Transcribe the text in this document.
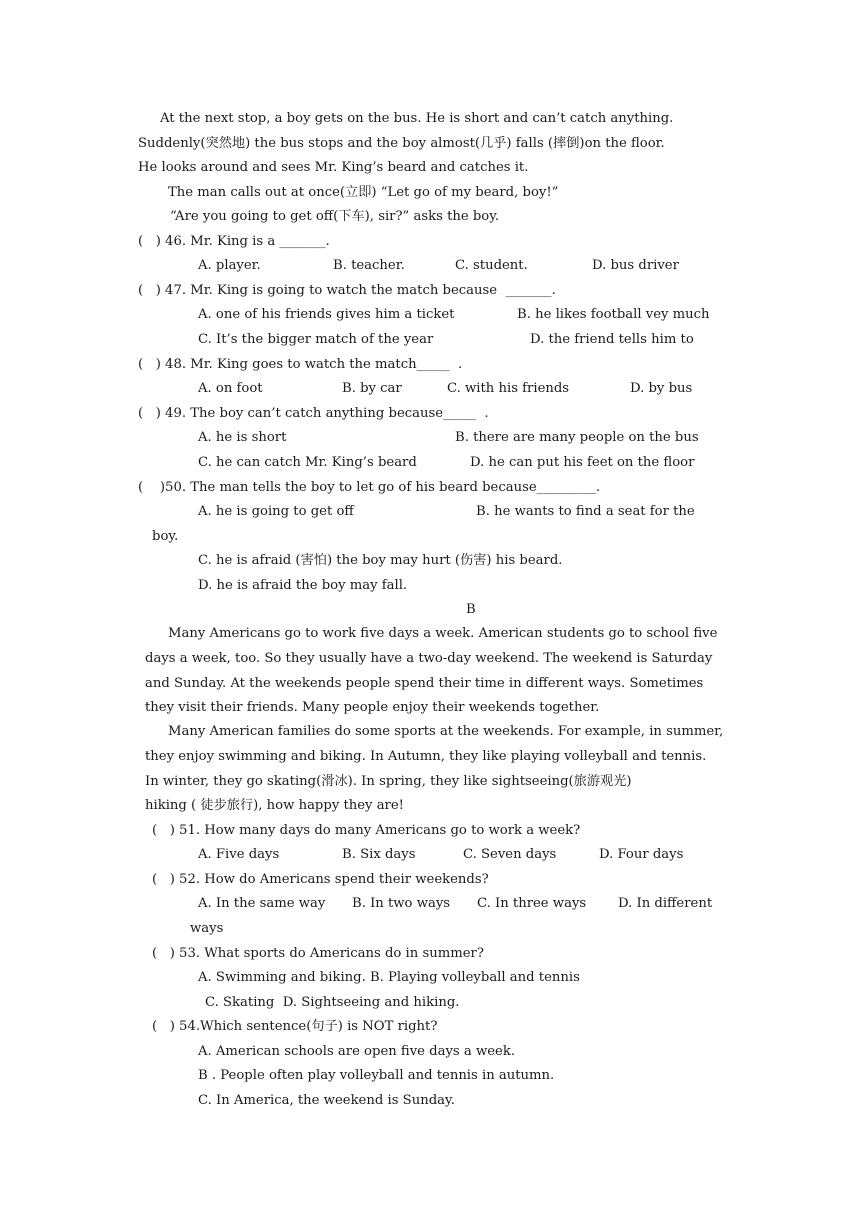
At the next stop, a boy gets on the bus. He is short and can’t catch anything.
Suddenly(突然地) the bus stops and the boy almost(几乎) falls (摔倒)on the floor.
He looks around and sees Mr. King’s beard and catches it.
The man calls out at once(立即) “Let go of my beard, boy!”
“Are you going to get off(下车), sir?” asks the boy.
(   ) 46. Mr. King is a _______.
A. player.	B. teacher.	C. student.	D. bus driver
(   ) 47. Mr. King is going to watch the match because  _______.
A. one of his friends gives him a ticket	B. he likes football vey much
C. It’s the bigger match of the year	D. the friend tells him to
(   ) 48. Mr. King goes to watch the match_____  .
A. on foot	B. by car	C. with his friends	D. by bus
(   ) 49. The boy can’t catch anything because_____  .
A. he is short	B. there are many people on the bus
C. he can catch Mr. King’s beard	D. he can put his feet on the floor
(    )50. The man tells the boy to let go of his beard because_________.
A. he is going to get off	B. he wants to find a seat for the
boy.
C. he is afraid (害怕) the boy may hurt (伤害) his beard.
D. he is afraid the boy may fall.
B
Many Americans go to work five days a week. American students go to school five
days a week, too. So they usually have a two-day weekend. The weekend is Saturday
and Sunday. At the weekends people spend their time in different ways. Sometimes
they visit their friends. Many people enjoy their weekends together.
Many American families do some sports at the weekends. For example, in summer,
they enjoy swimming and biking. In Autumn, they like playing volleyball and tennis.
In winter, they go skating(滑冰). In spring, they like sightseeing(旅游观光)
hiking ( 徒步旅行), how happy they are!
(   ) 51. How many days do many Americans go to work a week?
A. Five days	B. Six days	C. Seven days	D. Four days
(   ) 52. How do Americans spend their weekends?
A. In the same way B. In two ways C. In three ways D. In different
ways
(   ) 53. What sports do Americans do in summer?
A. Swimming and biking. B. Playing volleyball and tennis
C. Skating  D. Sightseeing and hiking.
(   ) 54.Which sentence(句子) is NOT right?
A. American schools are open five days a week.
B . People often play volleyball and tennis in autumn.
C. In America, the weekend is Sunday.
